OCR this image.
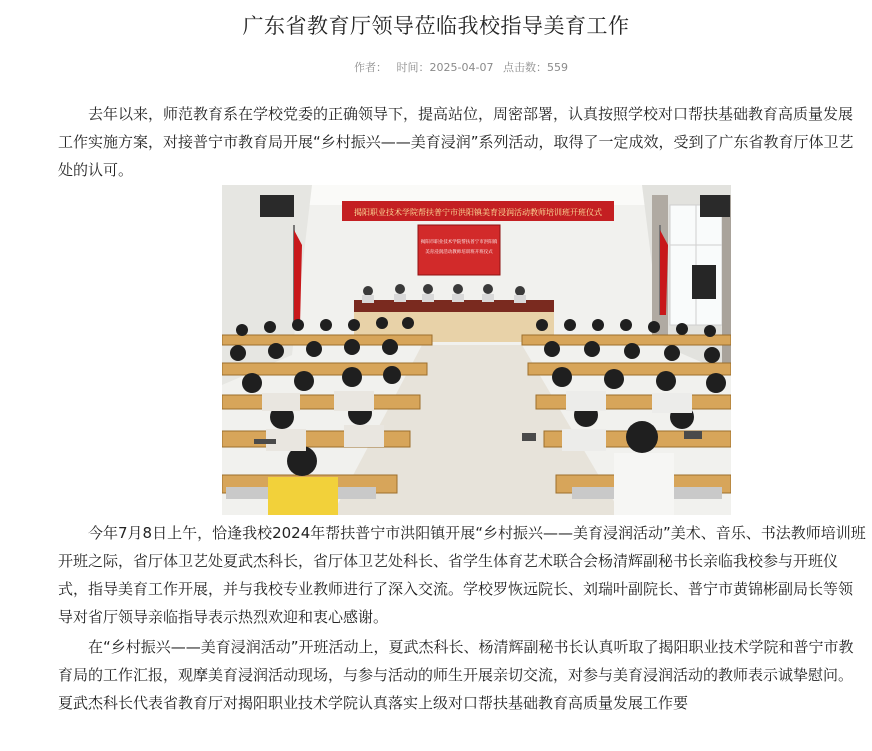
广东省教育厅领导莅临我校指导美育工作
作者： 时间：2025-04-07 点击数：559

去年以来，师范教育系在学校党委的正确领导下，提高站位，周密部署，认真按照学校对口帮扶基础教育高质量发展工作实施方案，对接普宁市教育局开展“乡村振兴——美育浸润”系列活动，取得了一定成效，受到了广东省教育厅体卫艺处的认可。

揭阳职业技术学院帮扶普宁市洪阳镇美育浸润活动教师培训班开班仪式
揭阳市职业技术学院帮扶普宁市洪阳镇
美育浸润活动教师培训班开班仪式

今年7月8日上午，恰逢我校2024年帮扶普宁市洪阳镇开展“乡村振兴——美育浸润活动”美术、音乐、书法教师培训班开班之际，省厅体卫艺处夏武杰科长，省厅体卫艺处科长、省学生体育艺术联合会杨清辉副秘书长亲临我校参与开班仪式，指导美育工作开展，并与我校专业教师进行了深入交流。学校罗恢远院长、刘瑞叶副院长、普宁市黄锦彬副局长等领导对省厅领导亲临指导表示热烈欢迎和衷心感谢。

在“乡村振兴——美育浸润活动”开班活动上，夏武杰科长、杨清辉副秘书长认真听取了揭阳职业技术学院和普宁市教育局的工作汇报，观摩美育浸润活动现场，与参与活动的师生开展亲切交流，对参与美育浸润活动的教师表示诚挚慰问。夏武杰科长代表省教育厅对揭阳职业技术学院认真落实上级对口帮扶基础教育高质量发展工作要
